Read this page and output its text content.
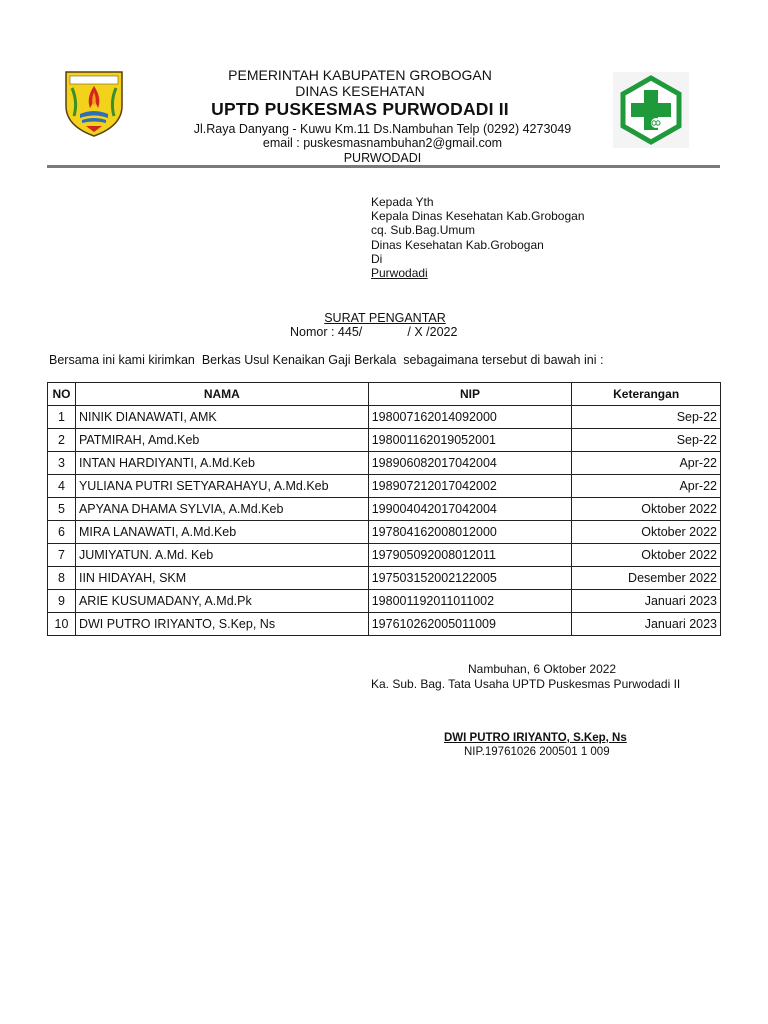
PEMERINTAH KABUPATEN GROBOGAN
DINAS KESEHATAN
UPTD PUSKESMAS PURWODADI II
Jl.Raya Danyang - Kuwu Km.11 Ds.Nambuhan Telp (0292) 4273049
email : puskesmasnambuhan2@gmail.com
PURWODADI
Kepada Yth
Kepala Dinas Kesehatan Kab.Grobogan
cq. Sub.Bag.Umum
Dinas Kesehatan Kab.Grobogan
Di
Purwodadi
SURAT PENGANTAR
Nomor : 445/             / X /2022
Bersama ini kami kirimkan  Berkas Usul Kenaikan Gaji Berkala  sebagaimana tersebut di bawah ini :
NO	NAMA	NIP	Keterangan
1	NINIK DIANAWATI, AMK	198007162014092000	Sep-22
2	PATMIRAH, Amd.Keb	198001162019052001	Sep-22
3	INTAN HARDIYANTI, A.Md.Keb	198906082017042004	Apr-22
4	YULIANA PUTRI SETYARAHAYU, A.Md.Keb	198907212017042002	Apr-22
5	APYANA DHAMA SYLVIA, A.Md.Keb	199004042017042004	Oktober 2022
6	MIRA LANAWATI, A.Md.Keb	197804162008012000	Oktober 2022
7	JUMIYATUN. A.Md. Keb	197905092008012011	Oktober 2022
8	IIN HIDAYAH, SKM	197503152002122005	Desember 2022
9	ARIE KUSUMADANY, A.Md.Pk	198001192011011002	Januari 2023
10	DWI PUTRO IRIYANTO, S.Kep, Ns	197610262005011009	Januari 2023
Nambuhan, 6 Oktober 2022
Ka. Sub. Bag. Tata Usaha UPTD Puskesmas Purwodadi II
DWI PUTRO IRIYANTO, S.Kep, Ns
NIP.19761026 200501 1 009
